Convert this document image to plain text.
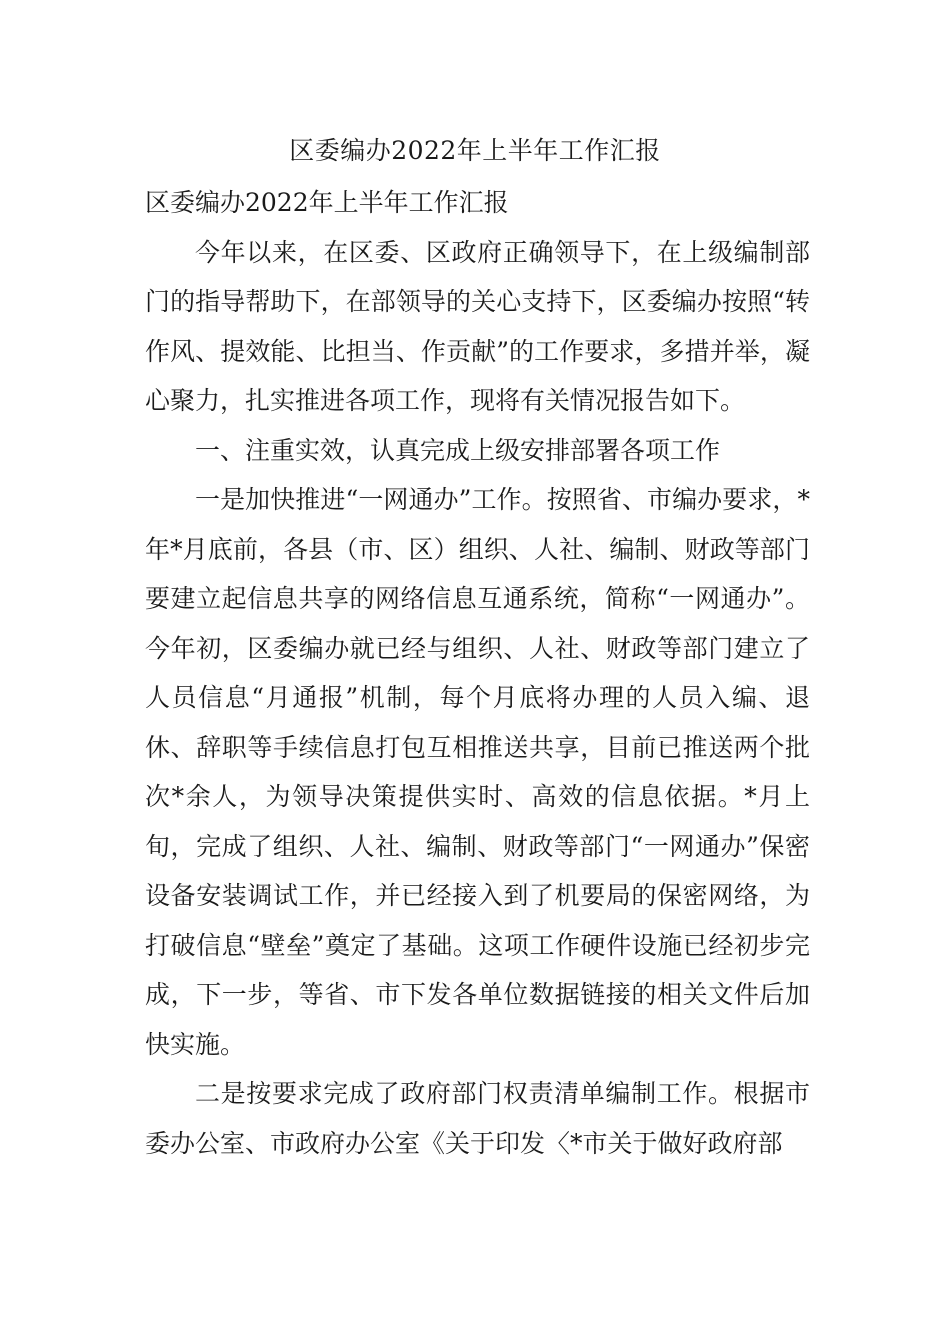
区委编办2022年上半年工作汇报

区委编办2022年上半年工作汇报

今年以来，在区委、区政府正确领导下，在上级编制部门的指导帮助下，在部领导的关心支持下，区委编办按照“转作风、提效能、比担当、作贡献”的工作要求，多措并举，凝心聚力，扎实推进各项工作，现将有关情况报告如下。

一、注重实效，认真完成上级安排部署各项工作

一是加快推进“一网通办”工作。按照省、市编办要求，*年*月底前，各县（市、区）组织、人社、编制、财政等部门要建立起信息共享的网络信息互通系统，简称“一网通办”。今年初，区委编办就已经与组织、人社、财政等部门建立了人员信息“月通报”机制，每个月底将办理的人员入编、退休、辞职等手续信息打包互相推送共享，目前已推送两个批次*余人，为领导决策提供实时、高效的信息依据。*月上旬，完成了组织、人社、编制、财政等部门“一网通办”保密设备安装调试工作，并已经接入到了机要局的保密网络，为打破信息“壁垒”奠定了基础。这项工作硬件设施已经初步完成，下一步，等省、市下发各单位数据链接的相关文件后加快实施。

二是按要求完成了政府部门权责清单编制工作。根据市委办公室、市政府办公室《关于印发〈*市关于做好政府部
